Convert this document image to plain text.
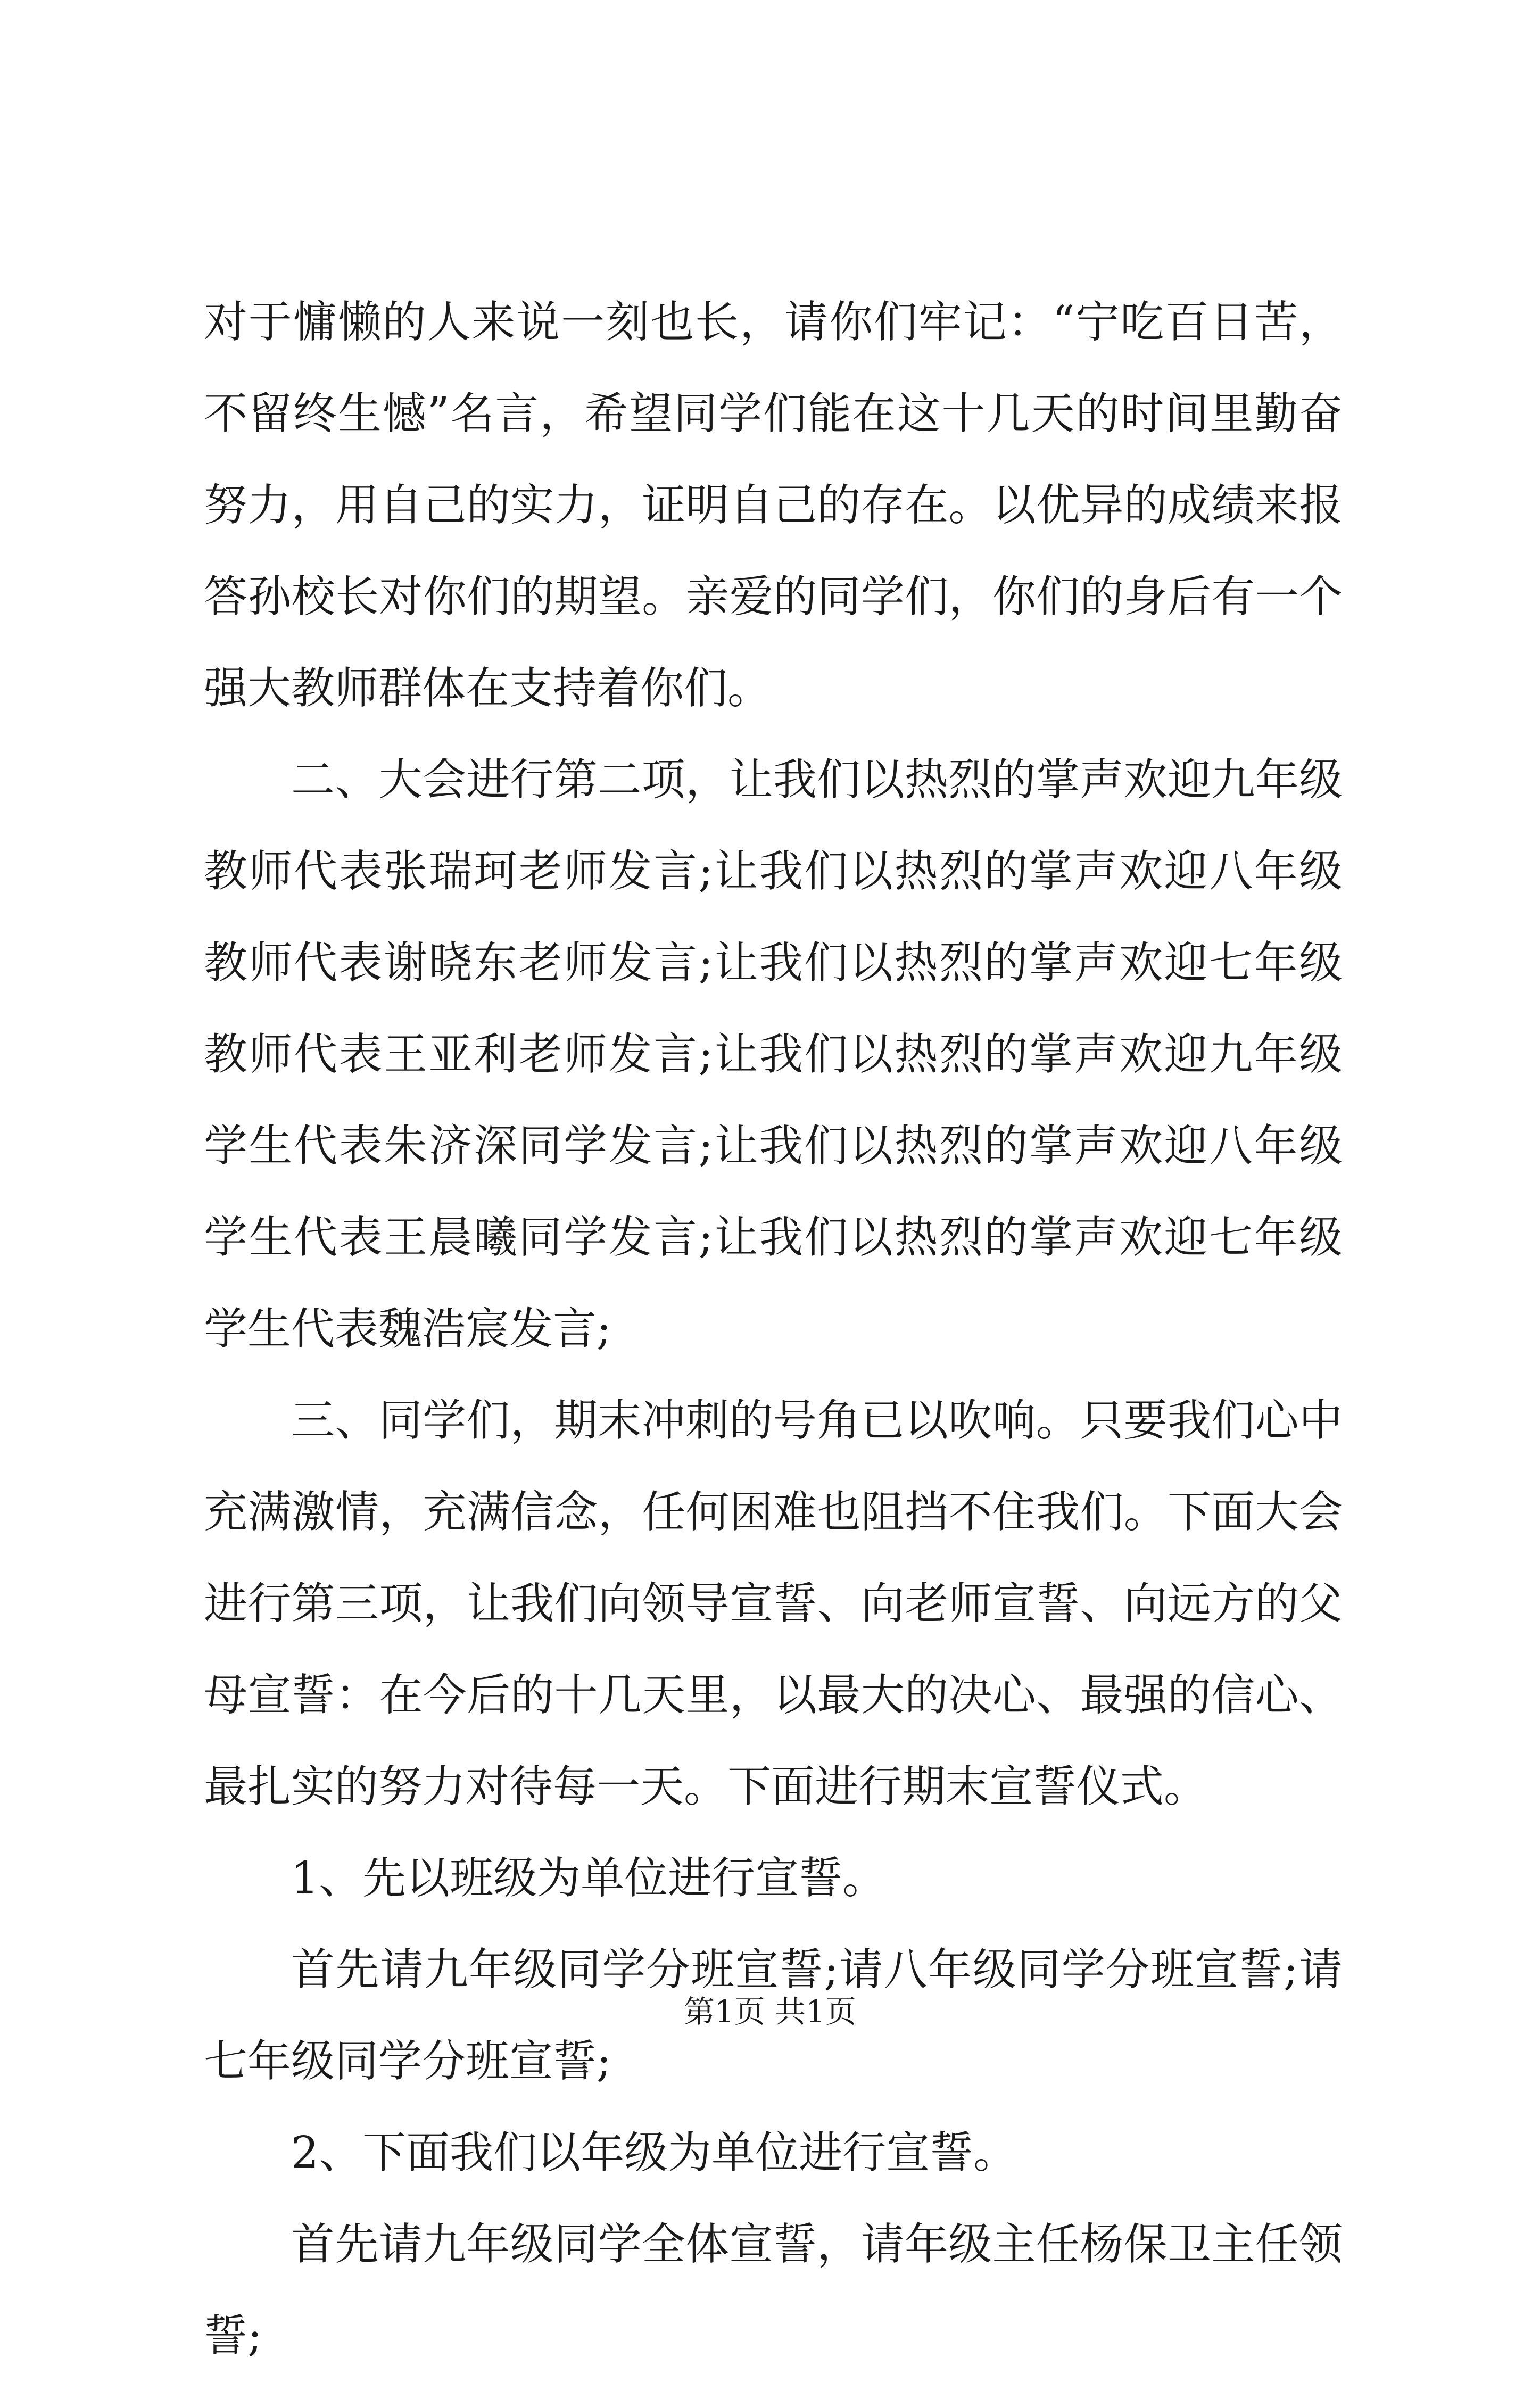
对于慵懒的人来说一刻也长，请你们牢记：“宁吃百日苦，不留终生憾”名言，希望同学们能在这十几天的时间里勤奋努力，用自己的实力，证明自己的存在。以优异的成绩来报答孙校长对你们的期望。亲爱的同学们，你们的身后有一个强大教师群体在支持着你们。

二、大会进行第二项，让我们以热烈的掌声欢迎九年级教师代表张瑞珂老师发言;让我们以热烈的掌声欢迎八年级教师代表谢晓东老师发言;让我们以热烈的掌声欢迎七年级教师代表王亚利老师发言;让我们以热烈的掌声欢迎九年级学生代表朱济深同学发言;让我们以热烈的掌声欢迎八年级学生代表王晨曦同学发言;让我们以热烈的掌声欢迎七年级学生代表魏浩宸发言;

三、同学们，期末冲刺的号角已以吹响。只要我们心中充满激情，充满信念，任何困难也阻挡不住我们。下面大会进行第三项，让我们向领导宣誓、向老师宣誓、向远方的父母宣誓：在今后的十几天里，以最大的决心、最强的信心、最扎实的努力对待每一天。下面进行期末宣誓仪式。

1、先以班级为单位进行宣誓。

首先请九年级同学分班宣誓;请八年级同学分班宣誓;请七年级同学分班宣誓;

2、下面我们以年级为单位进行宣誓。

首先请九年级同学全体宣誓，请年级主任杨保卫主任领誓;

第1页 共1页
